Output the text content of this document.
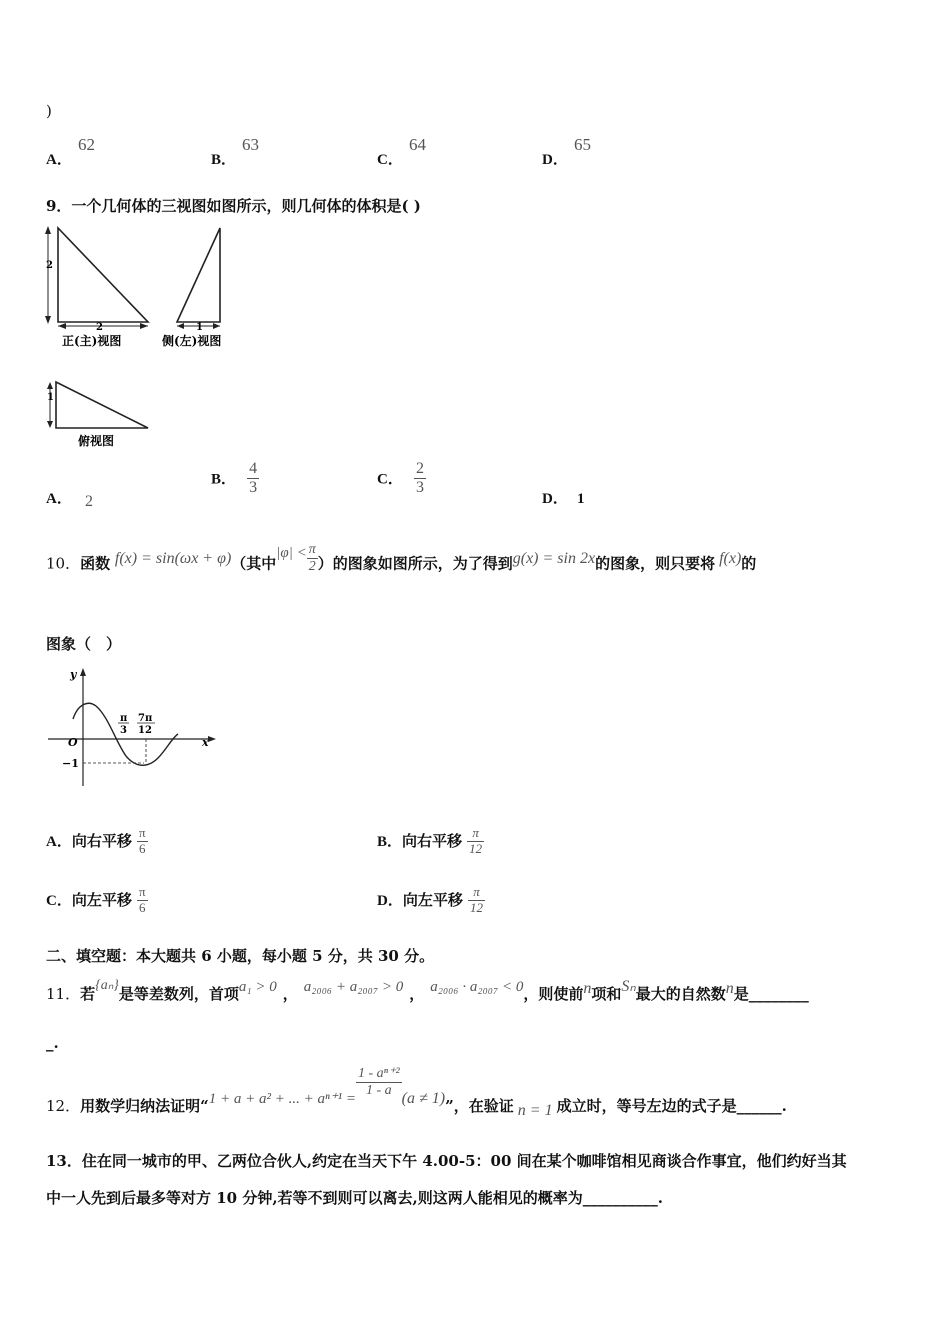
)
A．
62
B．
63
C．
64
D．
65
9．一个几何体的三视图如图所示，则几何体的体积是( )
2
2
正(主)视图
1
侧(左)视图
1
俯视图
A． 2
B． $\frac{4}{3}$	C． $\frac{2}{3}$
D． 1
10．函数 f(x) = sin(ωx + φ)（其中$|\varphi| < \frac{\pi}{2}$ ）的图象如图所示，为了得到g(x) = sin 2x的图象，则只要将 f(x)的
图象（　）
y
x
O
−1
π
3
7π
12
A．向右平移 $\frac{\pi}{6}$	B．向右平移 $\frac{\pi}{12}$
C．向左平移 $\frac{\pi}{6}$	D．向左平移 $\frac{\pi}{12}$
二、填空题：本大题共 6 小题，每小题 5 分，共 30 分。
11．若{aₙ}是等差数列，首项a₁ > 0 ， a₂₀₀₆ + a₂₀₀₇ > 0 ， a₂₀₀₆ · a₂₀₀₇ < 0，则使前n项和Sₙ最大的自然数n是________
_.
12．用数学归纳法证明“1 + a + a² + ... + $a^{n+1} = \frac{\text{1 - aⁿ⁺²}}{1 - a} (a \ne 1)$”，在验证 n = 1 成立时，等号左边的式子是______.
13．住在同一城市的甲、乙两位合伙人,约定在当天下午 4.00-5：00 间在某个咖啡馆相见商谈合作事宜，他们约好当其
中一人先到后最多等对方 10 分钟,若等不到则可以离去,则这两人能相见的概率为__________.
